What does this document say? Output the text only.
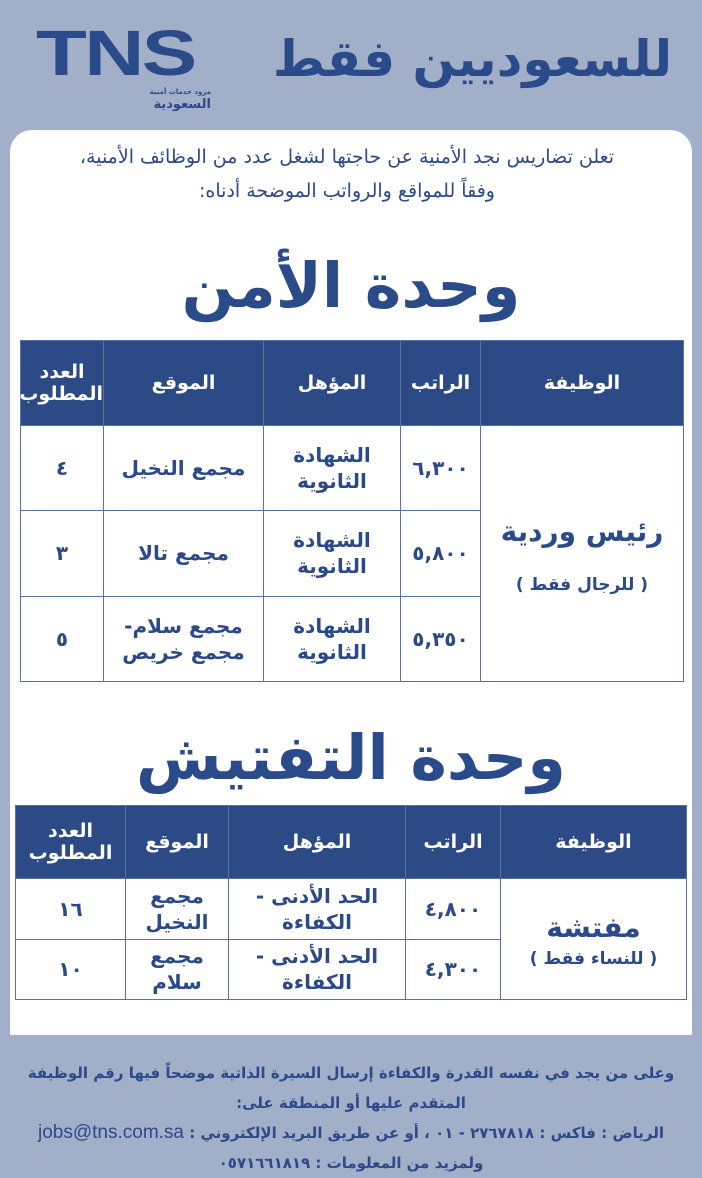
للسعوديين فقط
TNS
مزود خدمات أمنية
السعودية
تعلن تضاريس نجد الأمنية عن حاجتها لشغل عدد من الوظائف الأمنية،
وفقاً للمواقع والرواتب الموضحة أدناه:
وحدة الأمن
الوظيفة	الراتب	المؤهل	الموقع	العدد المطلوب

رئيس وردية
( للرجال فقط )	٦,٣٠٠	الشهادة الثانوية	مجمع النخيل	٤
	٥,٨٠٠	الشهادة الثانوية	مجمع تالا	٣
	٥,٣٥٠	الشهادة الثانوية	مجمع سلام- مجمع خريص	٥
وحدة التفتيش
الوظيفة	الراتب	المؤهل	الموقع	العدد المطلوب

مفتشة
( للنساء فقط )	٤,٨٠٠	الحد الأدنى - الكفاءة	مجمع النخيل	١٦
	٤,٣٠٠	الحد الأدنى - الكفاءة	مجمع سلام	١٠
وعلى من يجد في نفسه القدرة والكفاءة إرسال السيرة الذاتية موضحاً فيها رقم الوظيفة المتقدم عليها أو المنطقة على:
الرياض : فاكس : ٢٧٦٧٨١٨ - ٠١ ، أو عن طريق البريد الإلكتروني : jobs@tns.com.sa
ولمزيد من المعلومات : ٠٥٧١٦٦١٨١٩
